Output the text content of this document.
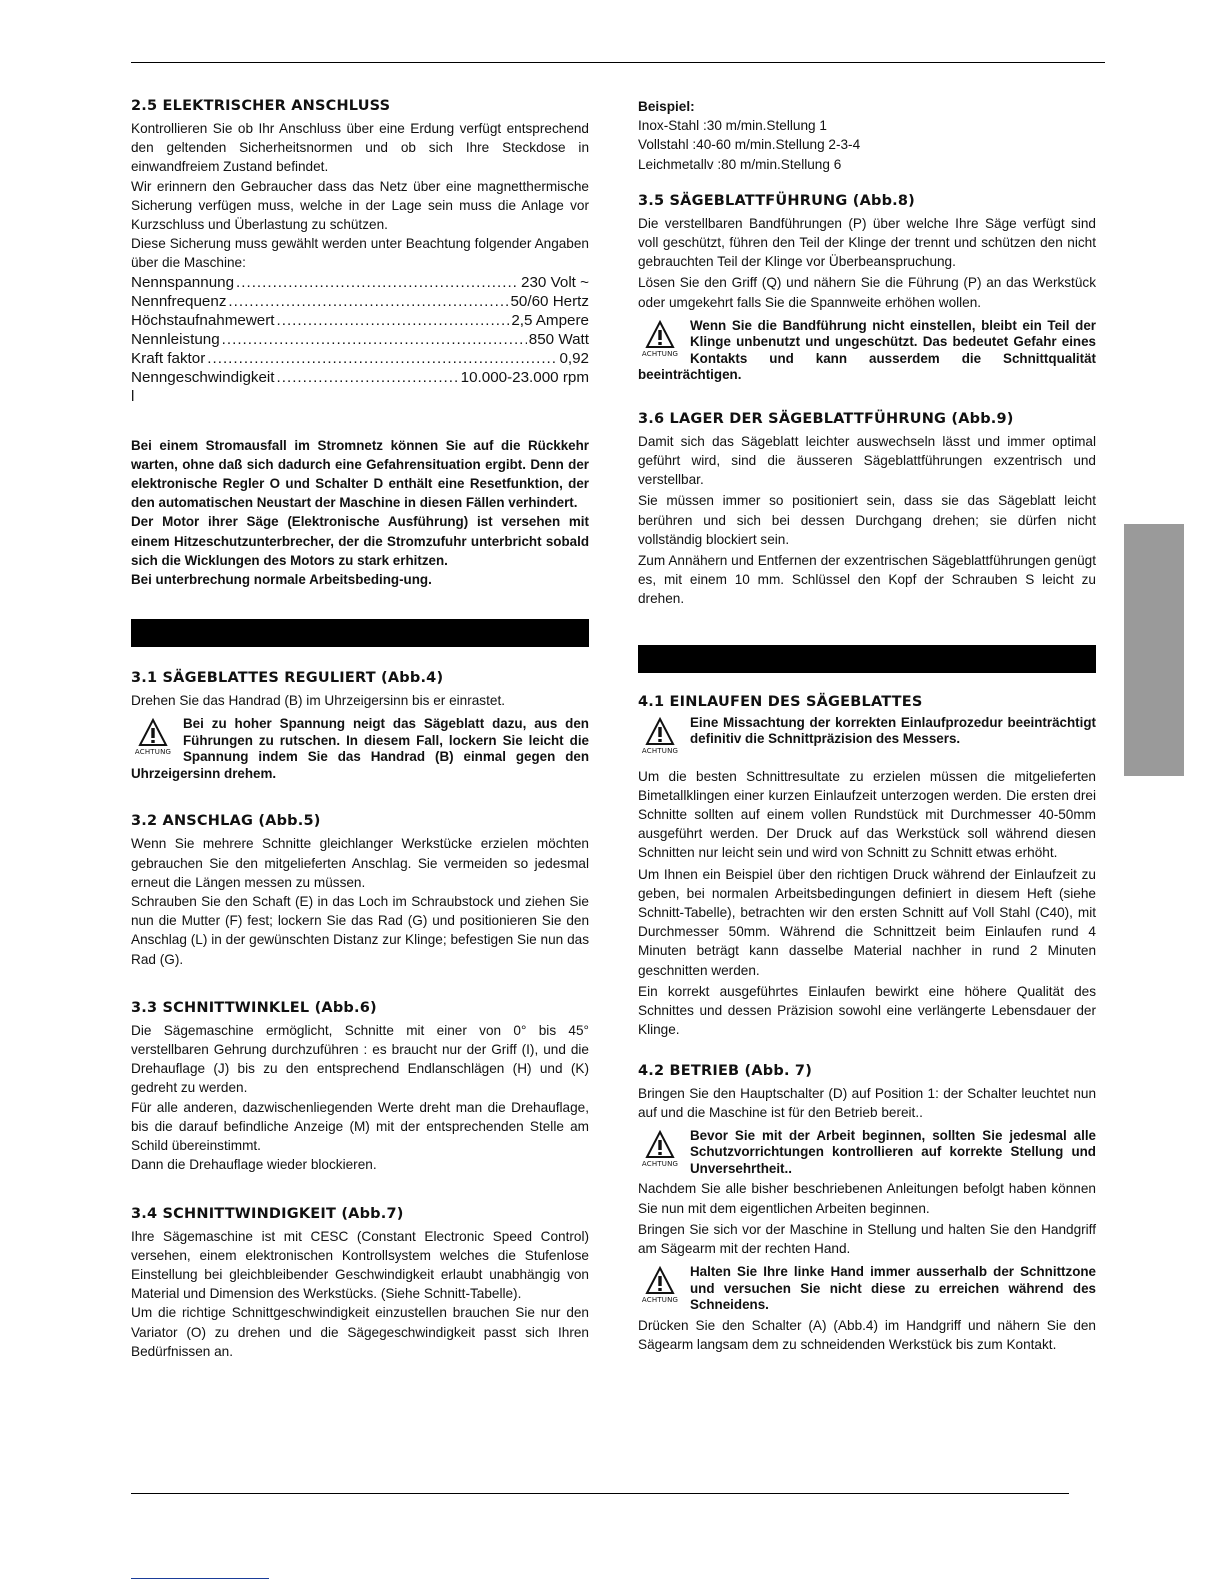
2.5 ELEKTRISCHER ANSCHLUSS

Kontrollieren Sie ob Ihr Anschluss über eine Erdung verfügt entsprechend den geltenden Sicherheitsnormen und ob sich Ihre Steckdose in einwandfreiem Zustand befindet.

Wir erinnern den Gebraucher dass das Netz über eine magnetthermische Sicherung verfügen muss, welche in der Lage sein muss die Anlage vor Kurzschluss und Überlastung zu schützen.

Diese Sicherung muss gewählt werden unter Beachtung folgender Angaben über die Maschine:

Nennspannung .....	230 Volt ~
Nennfrequenz .....	50/60 Hertz
Höchstaufnahmewert .....	2,5 Ampere
Nennleistung .....	850 Watt
Kraft faktor .....	0,92
Nenngeschwindigkeit .....	10.000-23.000 rpm
l

Bei einem Stromausfall im Stromnetz können Sie auf die Rückkehr warten, ohne daß sich dadurch eine Gefahrensituation ergibt. Denn der elektronische Regler O und Schalter D enthält eine Resetfunktion, der den automatischen Neustart der Maschine in diesen Fällen verhindert.

Der Motor ihrer Säge (Elektronische Ausführung) ist versehen mit einem Hitzeschutzunterbrecher, der die Stromzufuhr unterbricht sobald sich die Wicklungen des Motors zu stark erhitzen.

Bei unterbrechung normale Arbeitsbeding-ung.

3.1 SÄGEBLATTES REGULIERT (Abb.4)

Drehen Sie das Handrad (B) im Uhrzeigersinn bis er einrastet.

ACHTUNG

Bei zu hoher Spannung neigt das Sägeblatt dazu, aus den Führungen zu rutschen. In diesem Fall, lockern Sie leicht die Spannung indem Sie das Handrad (B) einmal gegen den Uhrzeigersinn drehem.

3.2 ANSCHLAG (Abb.5)

Wenn Sie mehrere Schnitte gleichlanger Werkstücke erzielen möchten gebrauchen Sie den mitgelieferten Anschlag. Sie vermeiden so jedesmal erneut die Längen messen zu müssen.

Schrauben Sie den Schaft (E) in das Loch im Schraubstock und ziehen Sie nun die Mutter (F) fest; lockern Sie das Rad (G) und positionieren Sie den Anschlag (L) in der gewünschten Distanz zur Klinge; befestigen Sie nun das Rad (G).

3.3 SCHNITTWINKLEL (Abb.6)

Die Sägemaschine ermöglicht, Schnitte mit einer von 0° bis 45° verstellbaren Gehrung durchzuführen : es braucht nur der Griff (I), und die Drehauflage (J) bis zu den entsprechend Endlanschlägen (H) und (K) gedreht zu werden.

Für alle anderen, dazwischenliegenden Werte dreht man die Drehauflage, bis die darauf befindliche Anzeige (M) mit der entsprechenden Stelle am Schild übereinstimmt.

Dann die Drehauflage wieder blockieren.

3.4 SCHNITTWINDIGKEIT (Abb.7)

Ihre Sägemaschine ist mit CESC (Constant Electronic Speed Control) versehen, einem elektronischen Kontrollsystem welches die Stufenlose Einstellung bei gleichbleibender Geschwindigkeit erlaubt unabhängig von Material und Dimension des Werkstücks. (Siehe Schnitt-Tabelle).

Um die richtige Schnittgeschwindigkeit einzustellen brauchen Sie nur den Variator (O) zu drehen und die Sägegeschwindigkeit passt sich Ihren Bedürfnissen an.

Beispiel:
Inox-Stahl :30 m/min.Stellung 1
Vollstahl :40-60 m/min.Stellung 2-3-4
Leichmetallv :80 m/min.Stellung 6
3.5 SÄGEBLATTFÜHRUNG (Abb.8)

Die verstellbaren Bandführungen (P) über welche Ihre Säge verfügt sind voll geschützt, führen den Teil der Klinge der trennt und schützen den nicht gebrauchten Teil der Klinge vor Überbeanspruchung.

Lösen Sie den Griff (Q) und nähern Sie die Führung (P) an das Werkstück oder umgekehrt falls Sie die Spannweite erhöhen wollen.

ACHTUNG

Wenn Sie die Bandführung nicht einstellen, bleibt ein Teil der Klinge unbenutzt und ungeschützt. Das bedeutet Gefahr eines Kontakts und kann ausserdem die Schnittqualität beeinträchtigen.

3.6 LAGER DER SÄGEBLATTFÜHRUNG (Abb.9)

Damit sich das Sägeblatt leichter auswechseln lässt und immer optimal geführt wird, sind die äusseren Sägeblattführungen exzentrisch und verstellbar.

Sie müssen immer so positioniert sein, dass sie das Sägeblatt leicht berühren und sich bei dessen Durchgang drehen; sie dürfen nicht vollständig blockiert sein.

Zum Annähern und Entfernen der exzentrischen Sägeblattführungen genügt es, mit einem 10 mm. Schlüssel den Kopf der Schrauben S leicht zu drehen.

4.1 EINLAUFEN DES SÄGEBLATTES
ACHTUNG

Eine Missachtung der korrekten Einlaufprozedur beeinträchtigt definitiv die Schnittpräzision des Messers.

Um die besten Schnittresultate zu erzielen müssen die mitgelieferten Bimetallklingen einer kurzen Einlaufzeit unterzogen werden. Die ersten drei Schnitte sollten auf einem vollen Rundstück mit Durchmesser 40-50mm ausgeführt werden. Der Druck auf das Werkstück soll während diesen Schnitten nur leicht sein und wird von Schnitt zu Schnitt etwas erhöht.

Um Ihnen ein Beispiel über den richtigen Druck während der Einlaufzeit zu geben, bei normalen Arbeitsbedingungen definiert in diesem Heft (siehe Schnitt-Tabelle), betrachten wir den ersten Schnitt auf Voll Stahl (C40), mit Durchmesser 50mm. Während die Schnittzeit beim Einlaufen rund 4 Minuten beträgt kann dasselbe Material nachher in rund 2 Minuten geschnitten werden.

Ein korrekt ausgeführtes Einlaufen bewirkt eine höhere Qualität des Schnittes und dessen Präzision sowohl eine verlängerte Lebensdauer der Klinge.

4.2 BETRIEB (Abb. 7)

Bringen Sie den Hauptschalter (D) auf Position 1: der Schalter leuchtet nun auf und die Maschine ist für den Betrieb bereit..

ACHTUNG

Bevor Sie mit der Arbeit beginnen, sollten Sie jedesmal alle Schutzvorrichtungen kontrollieren auf korrekte Stellung und Unversehrtheit..

Nachdem Sie alle bisher beschriebenen Anleitungen befolgt haben können Sie nun mit dem eigentlichen Arbeiten beginnen.

Bringen Sie sich vor der Maschine in Stellung und halten Sie den Handgriff am Sägearm mit der rechten Hand.

ACHTUNG

Halten Sie Ihre linke Hand immer ausserhalb der Schnittzone und versuchen Sie nicht diese zu erreichen während des Schneidens.

Drücken Sie den Schalter (A) (Abb.4) im Handgriff und nähern Sie den Sägearm langsam dem zu schneidenden Werkstück bis zum Kontakt.
